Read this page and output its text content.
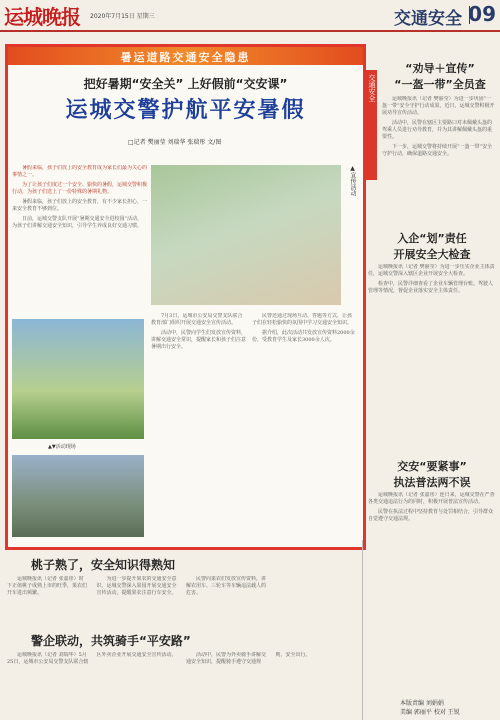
运城晚报 2020年7月15日 星期三	交通安全 09
暑运道路交通安全隐患
把好暑期“安全关” 上好假前“交安课”
运城交警护航平安暑假
□记者 樊丽莹 刘瑞华 张瑞彤 文/图

暑假来临，孩子们放上的安全教育成为家长们最为关心的事情之一。

为了让孩子们度过一个安全、愉快的暑假，运城交警积极行动，为孩子们送上了一份特殊的暑期礼物。

暑假来临，孩子们放上的安全教育，有不少家长担心，一来安全教育不够到位。

日前，运城交警支队开展“暑期交通安全进校园”活动，为孩子们讲解交通安全知识，引导学生养成良好交通习惯。

▲宣传活动
▲▼活动现场

7月3日，运城市公安局交警支队联合教育部门组织开展交通安全宣传活动。

活动中，民警向学生们发放宣传资料，讲解交通安全常识，提醒家长和孩子们注意暑期出行安全。

民警还通过现场互动、答题等方式，让孩子们在轻松愉快的氛围中学习交通安全知识。

据介绍，此次活动共发放宣传资料2000余份，受教育学生及家长3000余人次。

交通安全
“劝导＋宣传”
“一盔一带”全员查

运城晚报讯（记者 樊丽莹）为进一步巩固“一盔一带”安全守护行动成果，近日，运城交警积极开展劝导宣传活动。

活动中，民警在辖区主要路口对未佩戴头盔的驾乘人员进行劝导教育，并为其讲解佩戴头盔的重要性。

下一步，运城交警将持续开展“一盔一带”安全守护行动，确保道路交通安全。

入企“划”责任
开展安全大检查

运城晚报讯（记者 樊丽莹）为进一步压实企业主体责任，运城交警深入辖区企业开展安全大检查。

检查中，民警详细查看了企业车辆管理台账、驾驶人管理等情况，督促企业落实安全主体责任。

交安“要紧事”
执法普法两不误

运城晚报讯（记者 张嘉彤）连日来，运城交警在严查各类交通违法行为的同时，积极开展普法宣传活动。

民警在执法过程中坚持教育与处罚相结合，引导群众自觉遵守交通法规。

桃子熟了，安全知识得熟知

运城晚报讯（记者 张嘉彤）时下正值桃子成熟上市的旺季，果农们开车进出频繁。

为进一步提升果农的交通安全意识，运城交警深入果园开展交通安全宣传活动，提醒果农注意行车安全。

民警向果农们发放宣传资料，讲解农用车、三轮车等车辆违法载人的危害。

警企联动，共筑骑手“平安路”

运城晚报讯（记者 刘瑞华）5月25日，运城市公安局交警支队联合辖区外卖企业开展交通安全宣传活动。	活动中，民警为外卖骑手讲解交通安全知识，提醒骑手遵守交通规则，安全出行。

本版责编 刘娟娟
美编 郭丽平 校对 王锐
